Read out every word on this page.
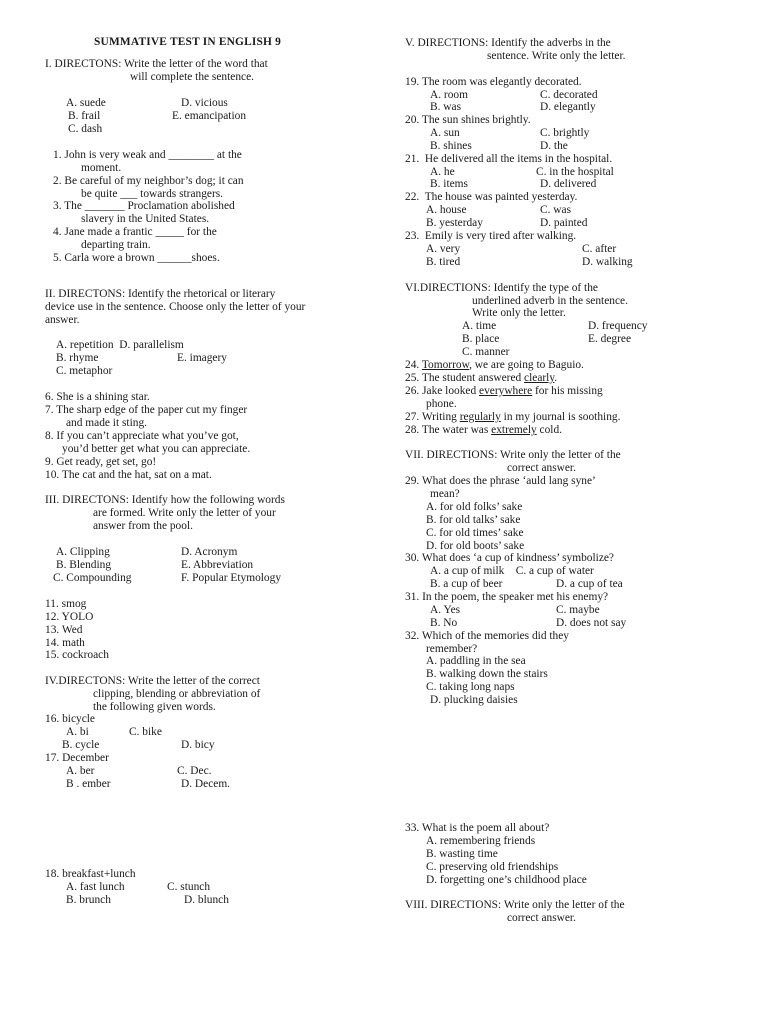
SUMMATIVE TEST IN ENGLISH 9
I. DIRECTONS: Write the letter of the word that
will complete the sentence.
A. suede	D. vicious
B. frail	E. emancipation
C. dash
1. John is very weak and ________ at the
moment.
2. Be careful of my neighbor’s dog; it can
be quite ___ towards strangers.
3. The _______ Proclamation abolished
slavery in the United States.
4. Jane made a frantic _____ for the
departing train.
5. Carla wore a brown ______shoes.
II. DIRECTONS: Identify the rhetorical or literary
device use in the sentence. Choose only the letter of your
answer.
A. repetition  D. parallelism
B. rhyme	E. imagery
C. metaphor
6. She is a shining star.
7. The sharp edge of the paper cut my finger
and made it sting.
8. If you can’t appreciate what you’ve got,
you’d better get what you can appreciate.
9. Get ready, get set, go!
10. The cat and the hat, sat on a mat.
III. DIRECTONS: Identify how the following words
are formed. Write only the letter of your
answer from the pool.
A. Clipping	D. Acronym
B. Blending	E. Abbreviation
C. Compounding	F. Popular Etymology
11. smog
12. YOLO
13. Wed
14. math
15. cockroach
IV.DIRECTONS: Write the letter of the correct
clipping, blending or abbreviation of
the following given words.
16. bicycle
A. bi	C. bike
B. cycle	D. bicy
17. December
A. ber	C. Dec.
B . ember	D. Decem.
18. breakfast+lunch
A. fast lunch	C. stunch
B. brunch	D. blunch
V. DIRECTIONS: Identify the adverbs in the
sentence. Write only the letter.
19. The room was elegantly decorated.
A. room	C. decorated
B. was	D. elegantly
20. The sun shines brightly.
A. sun	C. brightly
B. shines	D. the
21.  He delivered all the items in the hospital.
A. he	C. in the hospital
B. items	D. delivered
22.  The house was painted yesterday.
A. house	C. was
B. yesterday	D. painted
23.  Emily is very tired after walking.
A. very	C. after
B. tired	D. walking
VI.DIRECTIONS: Identify the type of the
underlined adverb in the sentence.
Write only the letter.
A. time	D. frequency
B. place	E. degree
C. manner
24. Tomorrow, we are going to Baguio.
25. The student answered clearly.
26. Jake looked everywhere for his missing
phone.
27. Writing regularly in my journal is soothing.
28. The water was extremely cold.
VII. DIRECTIONS: Write only the letter of the
correct answer.
29. What does the phrase ‘auld lang syne’
mean?
A. for old folks’ sake
B. for old talks’ sake
C. for old times’ sake
D. for old boots’ sake
30. What does ‘a cup of kindness’ symbolize?
A. a cup of milk    C. a cup of water
B. a cup of beer	D. a cup of tea
31. In the poem, the speaker met his enemy?
A. Yes	C. maybe
B. No	D. does not say
32. Which of the memories did they
remember?
A. paddling in the sea
B. walking down the stairs
C. taking long naps
D. plucking daisies
33. What is the poem all about?
A. remembering friends
B. wasting time
C. preserving old friendships
D. forgetting one’s childhood place
VIII. DIRECTIONS: Write only the letter of the
correct answer.
